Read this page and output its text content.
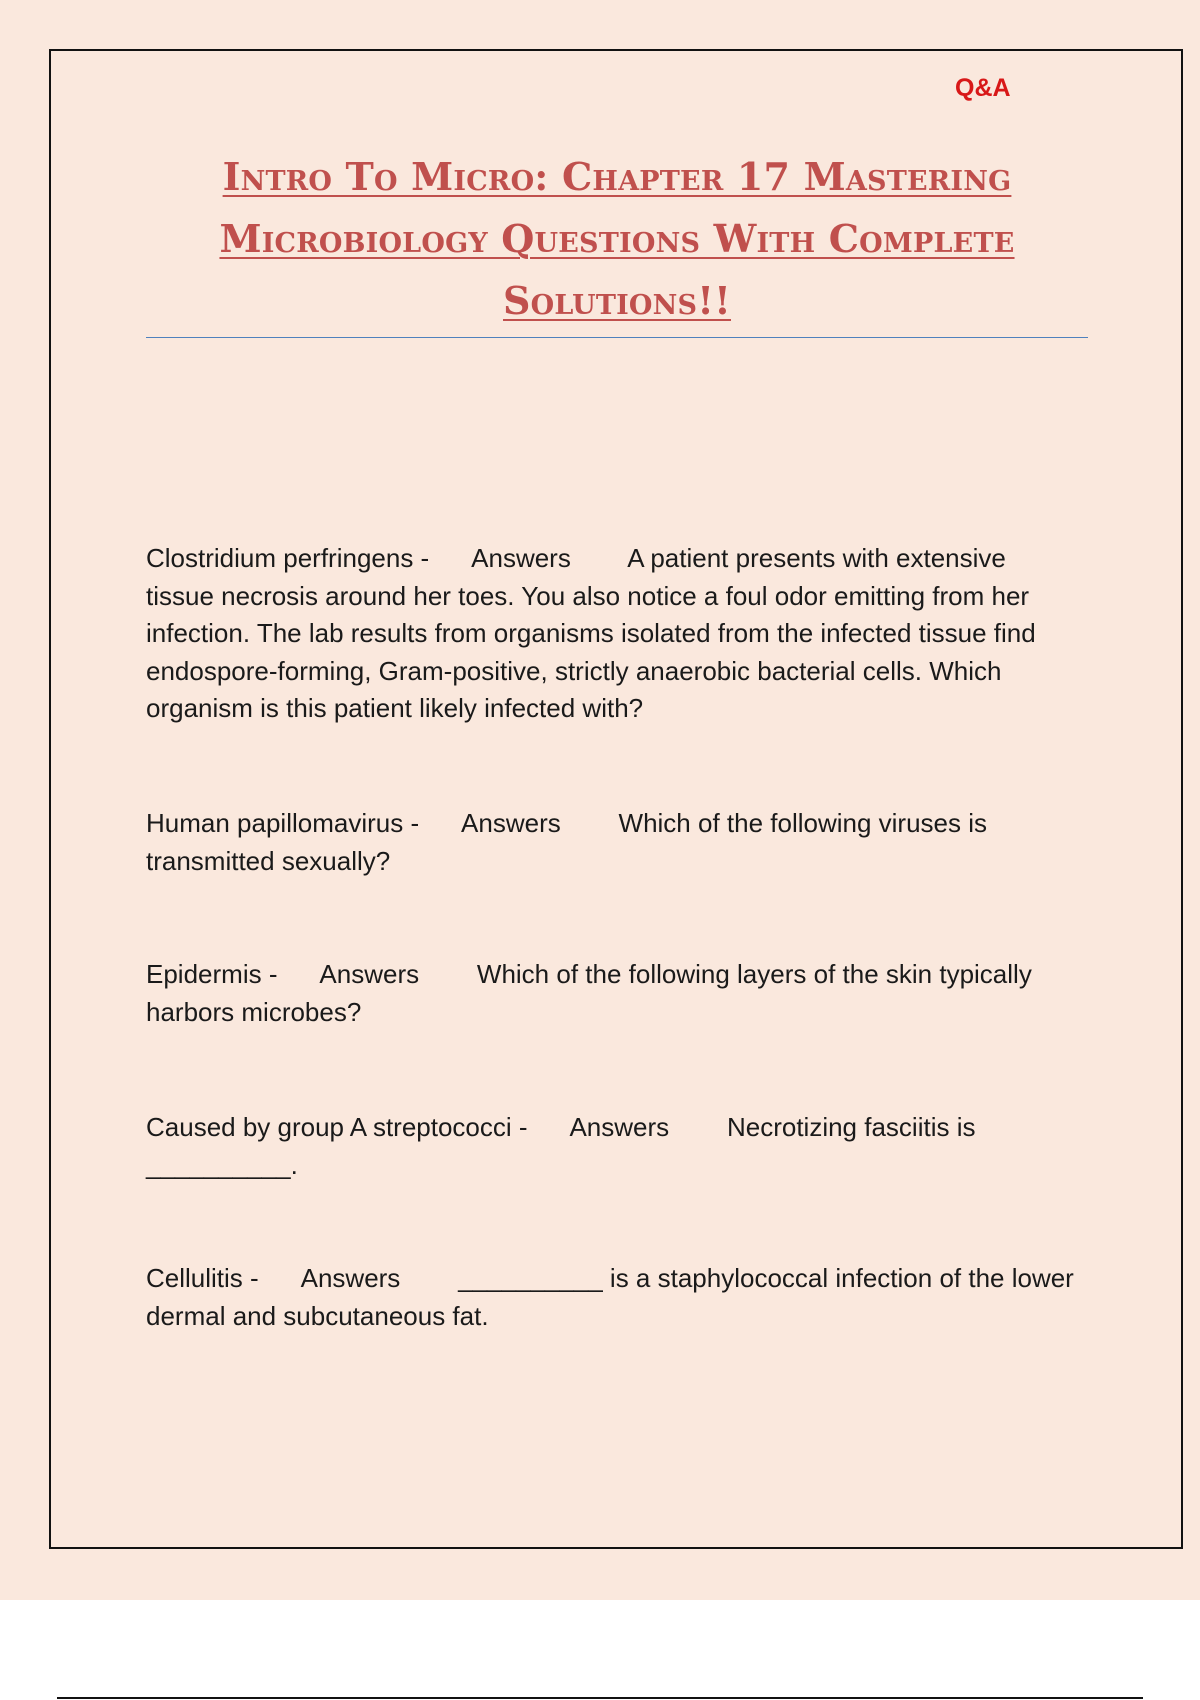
Q&A
Intro To Micro: Chapter 17 Mastering Microbiology Questions With Complete Solutions!!
Clostridium perfringens - Answers A patient presents with extensive tissue necrosis around her toes. You also notice a foul odor emitting from her infection. The lab results from organisms isolated from the infected tissue find endospore-forming, Gram-positive, strictly anaerobic bacterial cells. Which organism is this patient likely infected with?
Human papillomavirus - Answers Which of the following viruses is transmitted sexually?
Epidermis - Answers Which of the following layers of the skin typically harbors microbes?
Caused by group A streptococci - Answers Necrotizing fasciitis is __________.
Cellulitis - Answers __________ is a staphylococcal infection of the lower dermal and subcutaneous fat.
